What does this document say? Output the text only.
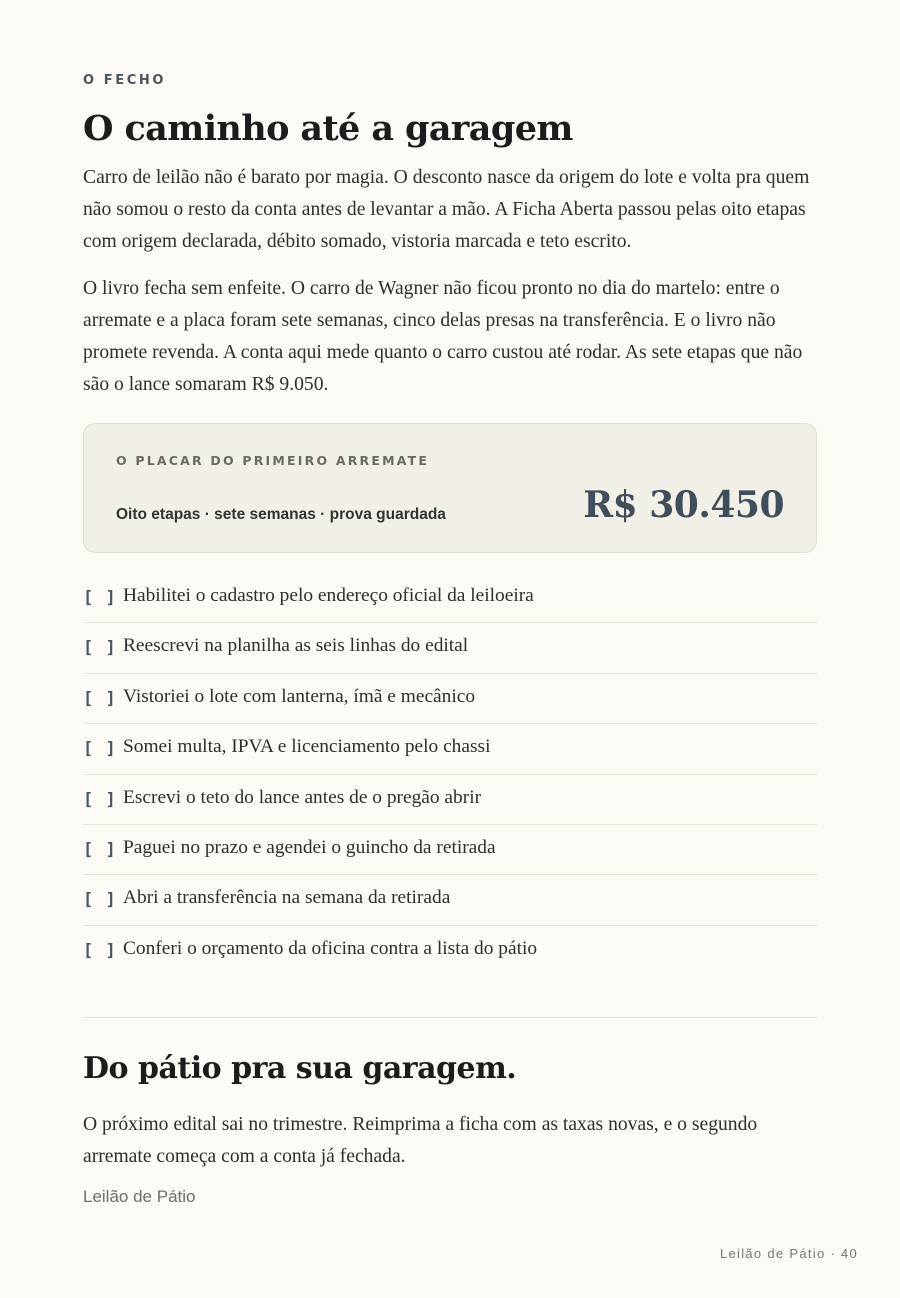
O FECHO
O caminho até a garagem

Carro de leilão não é barato por magia. O desconto nasce da origem do lote e volta pra quem não somou o resto da conta antes de levantar a mão. A Ficha Aberta passou pelas oito etapas com origem declarada, débito somado, vistoria marcada e teto escrito.

O livro fecha sem enfeite. O carro de Wagner não ficou pronto no dia do martelo: entre o arremate e a placa foram sete semanas, cinco delas presas na transferência. E o livro não promete revenda. A conta aqui mede quanto o carro custou até rodar. As sete etapas que não são o lance somaram R$ 9.050.

O PLACAR DO PRIMEIRO ARREMATE
Oito etapas · sete semanas · prova guardada	R$ 30.450
[ ] Habilitei o cadastro pelo endereço oficial da leiloeira
[ ] Reescrevi na planilha as seis linhas do edital
[ ] Vistoriei o lote com lanterna, ímã e mecânico
[ ] Somei multa, IPVA e licenciamento pelo chassi
[ ] Escrevi o teto do lance antes de o pregão abrir
[ ] Paguei no prazo e agendei o guincho da retirada
[ ] Abri a transferência na semana da retirada
[ ] Conferi o orçamento da oficina contra a lista do pátio
Do pátio pra sua garagem.

O próximo edital sai no trimestre. Reimprima a ficha com as taxas novas, e o segundo arremate começa com a conta já fechada.

Leilão de Pátio
Leilão de Pátio · 40
